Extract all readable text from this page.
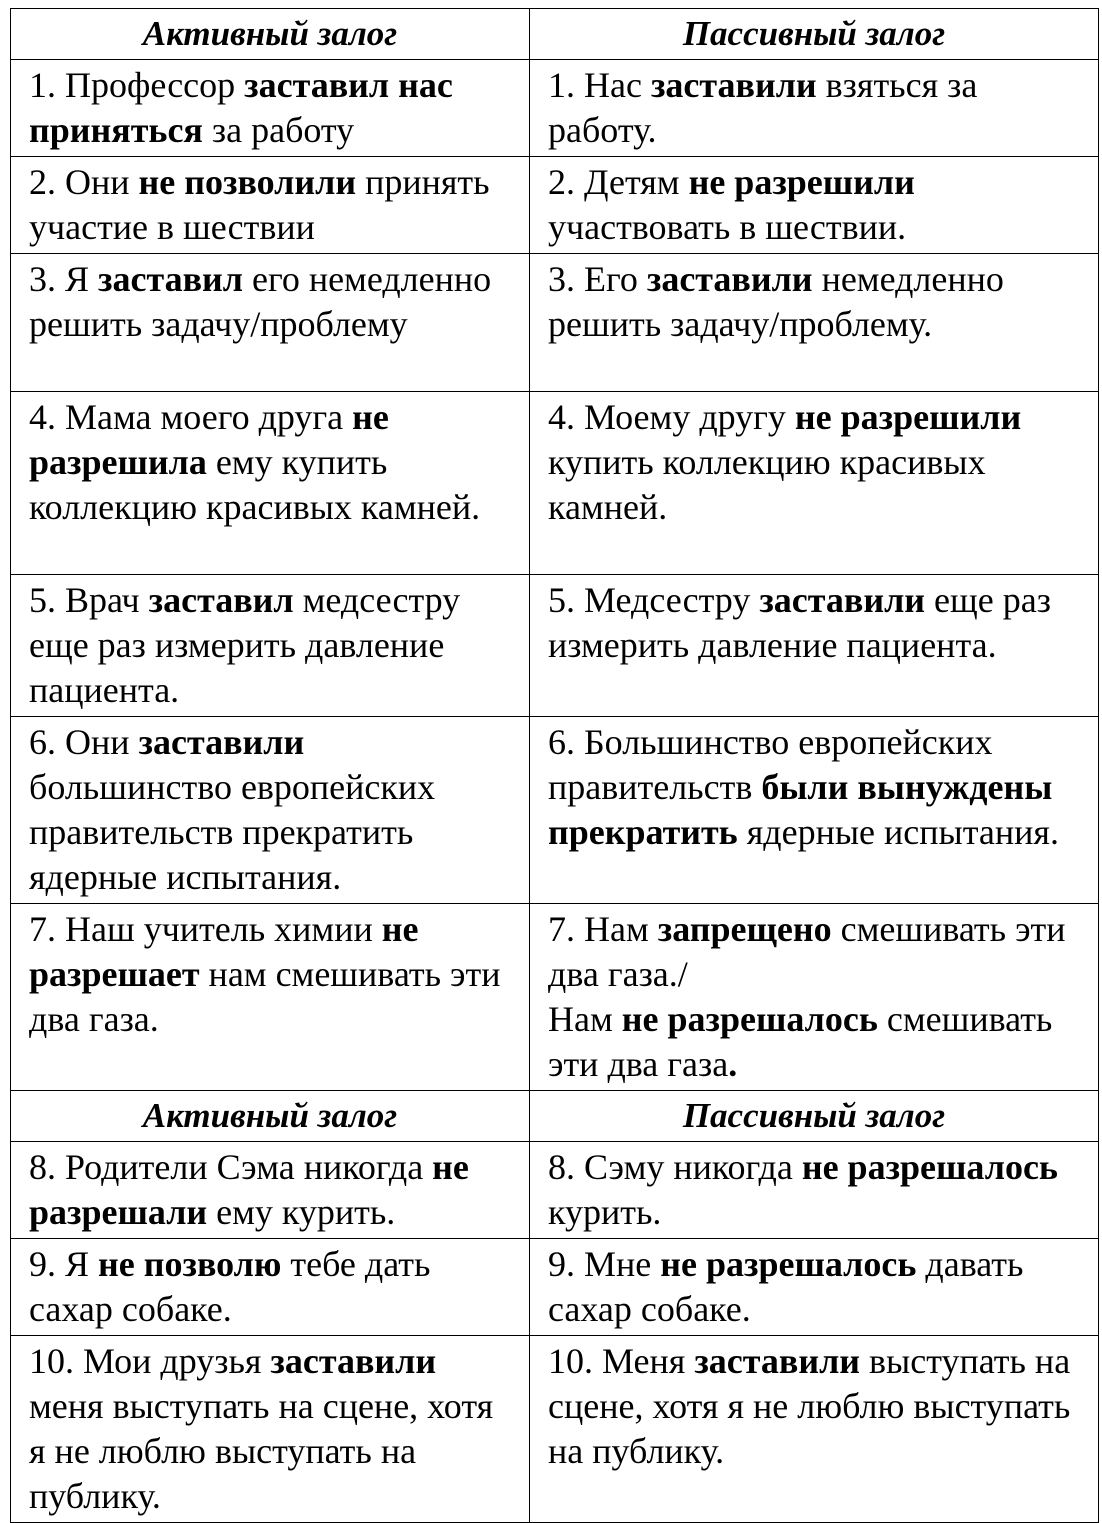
Активный залог	Пассивный залог
1. Профессор заставил нас принятьcя за работу	1. Нас заставили взяться за работу.
2. Они не позволили принять участие в шествии	2. Детям не разрешили участвовать в шествии.
3. Я заставил его немедленно решить задачу/проблему	3. Его заставили немедленно решить задачу/проблему.
4. Мама моего друга не разрешила ему купить коллекцию красивых камней.	4. Моему другу не разрешили купить коллекцию красивых камней.
5. Врач заставил медсестру еще раз измерить давление пациента.	5. Медсестру заставили еще раз измерить давление пациента.
6. Они заставили большинство европейских правительств прекратить ядерные испытания.	6. Большинство европейских правительств были вынуждены прекратить ядерные испытания.
7. Наш учитель химии не разрешает нам смешивать эти два газа.	7. Нам запрещено смешивать эти два газа./
Нам не разрешалось смешивать эти два газа.
Активный залог	Пассивный залог
8. Родители Сэма никогда не разрешали ему курить.	8. Сэму никогда не разрешалось курить.
9. Я не позволю тебе дать сахар собаке.	9. Мне не разрешалось давать сахар собаке.
10. Мои друзья заставили меня выступать на сцене, хотя я не люблю выступать на публику.	10. Меня заставили выступать на сцене, хотя я не люблю выступать на публику.
